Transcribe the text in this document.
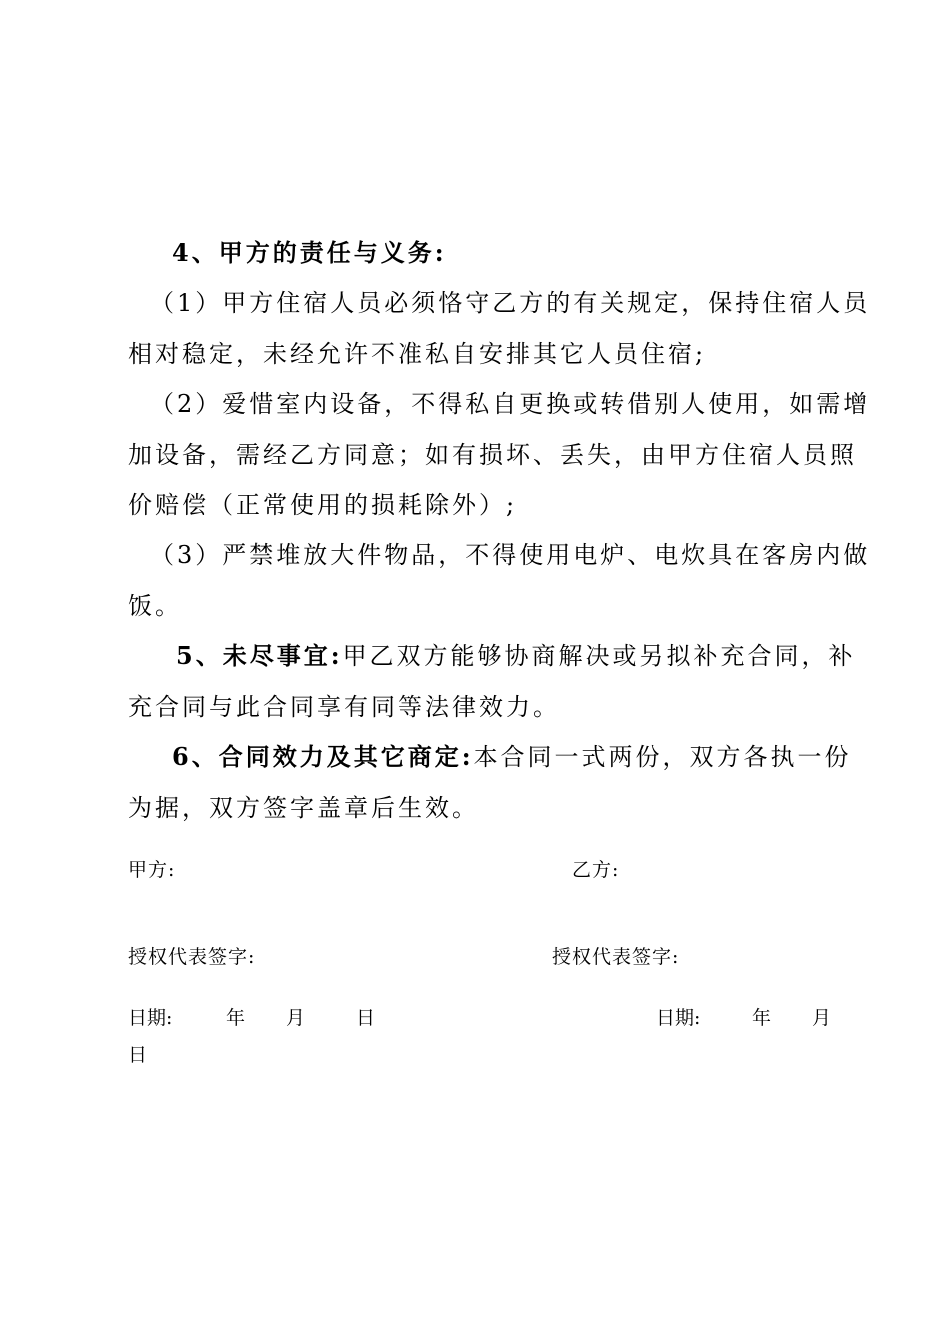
4、甲方的责任与义务:
（1）甲方住宿人员必须恪守乙方的有关规定，保持住宿人员
相对稳定，未经允许不准私自安排其它人员住宿;
（2）爱惜室内设备，不得私自更换或转借别人使用，如需增
加设备，需经乙方同意；如有损坏、丢失，由甲方住宿人员照
价赔偿（正常使用的损耗除外）;
（3）严禁堆放大件物品，不得使用电炉、电炊具在客房内做
饭。
5、未尽事宜:甲乙双方能够协商解决或另拟补充合同，补
充合同与此合同享有同等法律效力。
6、合同效力及其它商定:本合同一式两份，双方各执一份
为据，双方签字盖章后生效。
甲方:	乙方:
授权代表签字:	授权代表签字:
日期:	年 月	日	日期:	年 月
日
